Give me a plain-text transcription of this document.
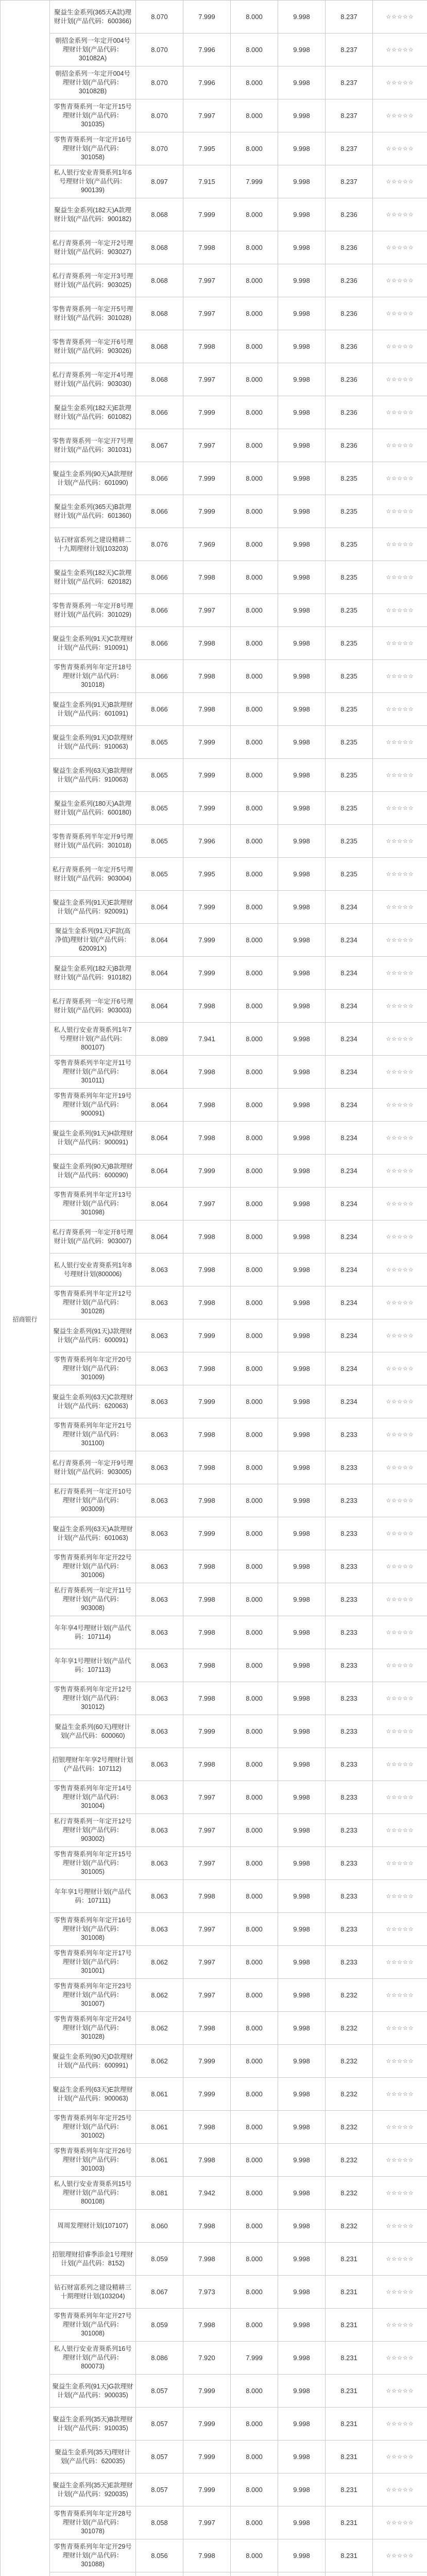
招商银行	聚益生金系列(365天A款)理财计划(产品代码：600366)	8.070	7.999	8.000	9.998	8.237	☆☆☆☆☆
	朝招金系列一年定开004号理财计划(产品代码：301082A)	8.070	7.996	8.000	9.998	8.237	☆☆☆☆☆
	朝招金系列一年定开004号理财计划(产品代码：301082B)	8.070	7.996	8.000	9.998	8.237	☆☆☆☆☆
	零售青葵系列一年定开15号理财计划(产品代码：301035)	8.070	7.997	8.000	9.998	8.237	☆☆☆☆☆
	零售青葵系列一年定开16号理财计划(产品代码：301058)	8.070	7.995	8.000	9.998	8.237	☆☆☆☆☆
	私人银行安业青葵系列1年6号理财计划(产品代码：900139)	8.097	7.915	7.999	9.998	8.237	☆☆☆☆☆
	聚益生金系列(182天)A款理财计划(产品代码：900182)	8.068	7.999	8.000	9.998	8.236	☆☆☆☆☆
	私行青葵系列一年定开2号理财计划(产品代码：903027)	8.068	7.998	8.000	9.998	8.236	☆☆☆☆☆
	私行青葵系列一年定开3号理财计划(产品代码：903025)	8.068	7.997	8.000	9.998	8.236	☆☆☆☆☆
	零售青葵系列一年定开5号理财计划(产品代码：301028)	8.068	7.997	8.000	9.998	8.236	☆☆☆☆☆
	零售青葵系列一年定开6号理财计划(产品代码：903026)	8.068	7.998	8.000	9.998	8.236	☆☆☆☆☆
	私行青葵系列一年定开4号理财计划(产品代码：903030)	8.068	7.997	8.000	9.998	8.236	☆☆☆☆☆
	聚益生金系列(182天)E款理财计划(产品代码：601082)	8.066	7.999	8.000	9.998	8.236	☆☆☆☆☆
	零售青葵系列一年定开7号理财计划(产品代码：301031)	8.067	7.997	8.000	9.998	8.236	☆☆☆☆☆
	聚益生金系列(90天)A款理财计划(产品代码：601090)	8.066	7.999	8.000	9.998	8.235	☆☆☆☆☆
	聚益生金系列(365天)B款理财计划(产品代码：601360)	8.066	7.999	8.000	9.998	8.235	☆☆☆☆☆
	钻石财富系列之建设精耕二十九期理财计划(103203)	8.076	7.969	8.000	9.998	8.235	☆☆☆☆☆
	聚益生金系列(182天)C款理财计划(产品代码：620182)	8.066	7.998	8.000	9.998	8.235	☆☆☆☆☆
	零售青葵系列一年定开8号理财计划(产品代码：301029)	8.066	7.997	8.000	9.998	8.235	☆☆☆☆☆
	聚益生金系列(91天)C款理财计划(产品代码：910091)	8.066	7.998	8.000	9.998	8.235	☆☆☆☆☆
	零售青葵系列年年定开18号理财计划(产品代码：301018)	8.066	7.998	8.000	9.998	8.235	☆☆☆☆☆
	聚益生金系列(91天)B款理财计划(产品代码：601091)	8.066	7.998	8.000	9.998	8.235	☆☆☆☆☆
	聚益生金系列(91天)D款理财计划(产品代码：910063)	8.065	7.999	8.000	9.998	8.235	☆☆☆☆☆
	聚益生金系列(63天)B款理财计划(产品代码：910063)	8.065	7.999	8.000	9.998	8.235	☆☆☆☆☆
	聚益生金系列(180天)A款理财计划(产品代码：600180)	8.065	7.999	8.000	9.998	8.235	☆☆☆☆☆
	零售青葵系列半年定开9号理财计划(产品代码：301018)	8.065	7.996	8.000	9.998	8.235	☆☆☆☆☆
	私行青葵系列一年定开5号理财计划(产品代码：903004)	8.065	7.995	8.000	9.998	8.235	☆☆☆☆☆
	聚益生金系列(91天)E款理财计划(产品代码：920091)	8.064	7.999	8.000	9.998	8.234	☆☆☆☆☆
	聚益生金系列(91天)F款(高净值)理财计划(产品代码：620091X)	8.064	7.999	8.000	9.998	8.234	☆☆☆☆☆
	聚益生金系列(182天)B款理财计划(产品代码：910182)	8.064	7.999	8.000	9.998	8.234	☆☆☆☆☆
	私行青葵系列一年定开6号理财计划(产品代码：903003)	8.064	7.998	8.000	9.998	8.234	☆☆☆☆☆
	私人银行安业青葵系列1年7号理财计划(产品代码：800107)	8.089	7.941	8.000	9.998	8.234	☆☆☆☆☆
	零售青葵系列半年定开11号理财计划(产品代码：301011)	8.064	7.998	8.000	9.998	8.234	☆☆☆☆☆
	零售青葵系列年年定开19号理财计划(产品代码：900091)	8.064	7.998	8.000	9.998	8.234	☆☆☆☆☆
	聚益生金系列(91天)H款理财计划(产品代码：900091)	8.064	7.998	8.000	9.998	8.234	☆☆☆☆☆
	聚益生金系列(90天)B款理财计划(产品代码：600090)	8.064	7.999	8.000	9.998	8.234	☆☆☆☆☆
	零售青葵系列半年定开13号理财计划(产品代码：301098)	8.064	7.997	8.000	9.998	8.234	☆☆☆☆☆
	私行青葵系列一年定开8号理财计划(产品代码：903007)	8.064	7.998	8.000	9.998	8.234	☆☆☆☆☆
	私人银行安业青葵系列1年8号理财计划(800006)	8.063	7.998	8.000	9.998	8.234	☆☆☆☆☆
	零售青葵系列半年定开12号理财计划(产品代码：301028)	8.063	7.998	8.000	9.998	8.234	☆☆☆☆☆
	聚益生金系列(91天)J款理财计划(产品代码：600091)	8.063	7.999	8.000	9.998	8.234	☆☆☆☆☆
	零售青葵系列年年定开20号理财计划(产品代码：301009)	8.063	7.998	8.000	9.998	8.234	☆☆☆☆☆
	聚益生金系列(63天)C款理财计划(产品代码：620063)	8.063	7.999	8.000	9.998	8.234	☆☆☆☆☆
	零售青葵系列年年定开21号理财计划(产品代码：301100)	8.063	7.998	8.000	9.998	8.233	☆☆☆☆☆
	私行青葵系列一年定开9号理财计划(产品代码：903005)	8.063	7.998	8.000	9.998	8.233	☆☆☆☆☆
	私行青葵系列一年定开10号理财计划(产品代码：903009)	8.063	7.998	8.000	9.998	8.233	☆☆☆☆☆
	聚益生金系列(63天)A款理财计划(产品代码：601063)	8.063	7.999	8.000	9.998	8.233	☆☆☆☆☆
	零售青葵系列年年定开22号理财计划(产品代码：301006)	8.063	7.998	8.000	9.998	8.233	☆☆☆☆☆
	私行青葵系列一年定开11号理财计划(产品代码：903008)	8.063	7.998	8.000	9.998	8.233	☆☆☆☆☆
	年年享4号理财计划(产品代码：107114)	8.063	7.998	8.000	9.998	8.233	☆☆☆☆☆
	年年享1号理财计划(产品代码：107113)	8.063	7.998	8.000	9.998	8.233	☆☆☆☆☆
	零售青葵系列年年定开12号理财计划(产品代码：301012)	8.063	7.998	8.000	9.998	8.233	☆☆☆☆☆
	聚益生金系列(60天)理财计划(产品代码：600060)	8.063	7.999	8.000	9.998	8.233	☆☆☆☆☆
	招银理财年年享2号理财计划(产品代码：107112)	8.063	7.998	8.000	9.998	8.233	☆☆☆☆☆
	零售青葵系列年年定开14号理财计划(产品代码：301004)	8.063	7.997	8.000	9.998	8.233	☆☆☆☆☆
	私行青葵系列一年定开12号理财计划(产品代码：903002)	8.063	7.997	8.000	9.998	8.233	☆☆☆☆☆
	零售青葵系列年年定开15号理财计划(产品代码：301005)	8.063	7.997	8.000	9.998	8.233	☆☆☆☆☆
	年年享1号理财计划(产品代码：107111)	8.063	7.998	8.000	9.998	8.233	☆☆☆☆☆
	零售青葵系列年年定开16号理财计划(产品代码：301008)	8.063	7.997	8.000	9.998	8.233	☆☆☆☆☆
	零售青葵系列年年定开17号理财计划(产品代码：301001)	8.062	7.997	8.000	9.998	8.233	☆☆☆☆☆
	零售青葵系列年年定开23号理财计划(产品代码：301007)	8.062	7.997	8.000	9.998	8.232	☆☆☆☆☆
	零售青葵系列年年定开24号理财计划(产品代码：301028)	8.062	7.998	8.000	9.998	8.232	☆☆☆☆☆
	聚益生金系列(90天)D款理财计划(产品代码：600991)	8.062	7.999	8.000	9.998	8.232	☆☆☆☆☆
	聚益生金系列(63天)E款理财计划(产品代码：900063)	8.061	7.999	8.000	9.998	8.232	☆☆☆☆☆
	零售青葵系列年年定开25号理财计划(产品代码：301002)	8.061	7.998	8.000	9.998	8.232	☆☆☆☆☆
	零售青葵系列年年定开26号理财计划(产品代码：301003)	8.061	7.998	8.000	9.998	8.232	☆☆☆☆☆
	私人银行安业青葵系列15号理财计划(产品代码：800108)	8.081	7.942	8.000	9.998	8.232	☆☆☆☆☆
	周周发理财计划(107107)	8.060	7.998	8.000	9.998	8.232	☆☆☆☆☆
	招银理财招睿季添金1号理财计划(产品代码：8152)	8.059	7.998	8.000	9.998	8.231	☆☆☆☆☆
	钻石财富系列之建设精耕三十期理财计划(103204)	8.067	7.973	8.000	9.998	8.231	☆☆☆☆☆
	零售青葵系列年年定开27号理财计划(产品代码：301008)	8.059	7.998	8.000	9.998	8.231	☆☆☆☆☆
	私人银行安业青葵系列16号理财计划(产品代码：800073)	8.086	7.920	7.999	9.998	8.231	☆☆☆☆☆
	聚益生金系列(91天)G款理财计划(产品代码：900035)	8.057	7.999	8.000	9.998	8.231	☆☆☆☆☆
	聚益生金系列(35天)B款理财计划(产品代码：910035)	8.057	7.999	8.000	9.998	8.231	☆☆☆☆☆
	聚益生金系列(35天)理财计划(产品代码：620035)	8.057	7.999	8.000	9.998	8.231	☆☆☆☆☆
	聚益生金系列(35天)E款理财计划(产品代码：920035)	8.057	7.999	8.000	9.998	8.231	☆☆☆☆☆
	零售青葵系列年年定开28号理财计划(产品代码：301078)	8.058	7.997	8.000	9.998	8.231	☆☆☆☆☆
	零售青葵系列年年定开29号理财计划(产品代码：301088)	8.056	7.998	8.000	9.998	8.231	☆☆☆☆☆
